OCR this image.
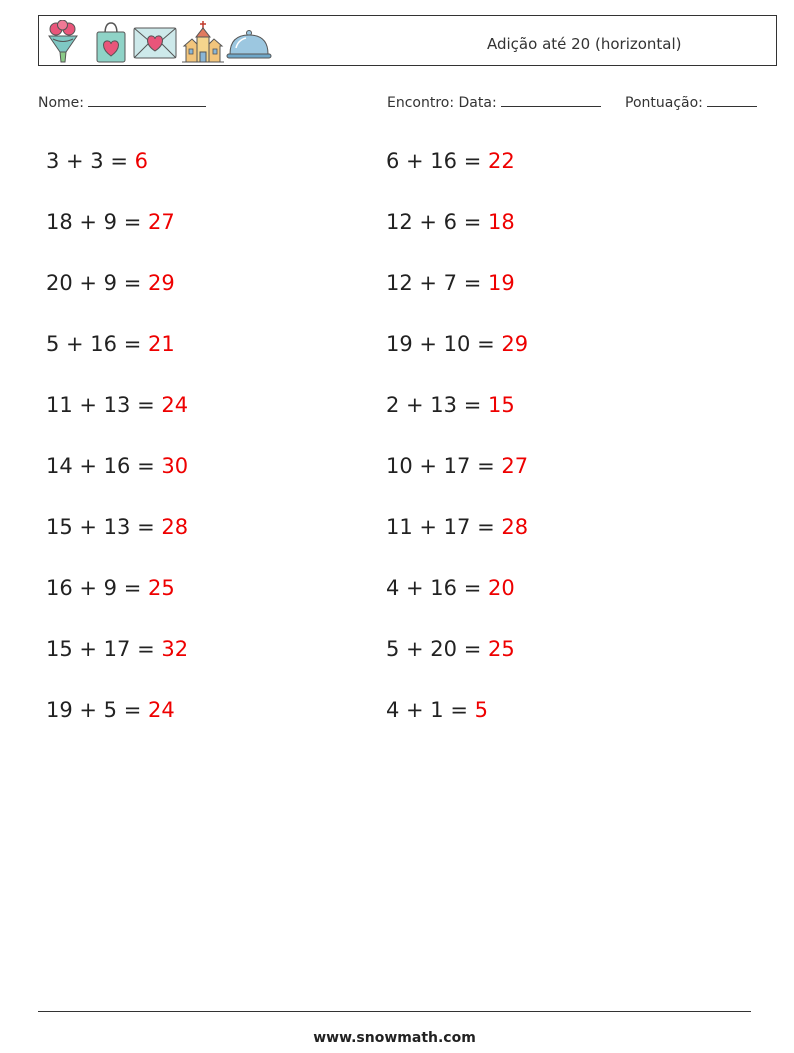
Adição até 20 (horizontal)
Nome:	Encontro: Data:	Pontuação:
3 + 3 = 6
18 + 9 = 27
20 + 9 = 29
5 + 16 = 21
11 + 13 = 24
14 + 16 = 30
15 + 13 = 28
16 + 9 = 25
15 + 17 = 32
19 + 5 = 24
6 + 16 = 22
12 + 6 = 18
12 + 7 = 19
19 + 10 = 29
2 + 13 = 15
10 + 17 = 27
11 + 17 = 28
4 + 16 = 20
5 + 20 = 25
4 + 1 = 5
www.snowmath.com
